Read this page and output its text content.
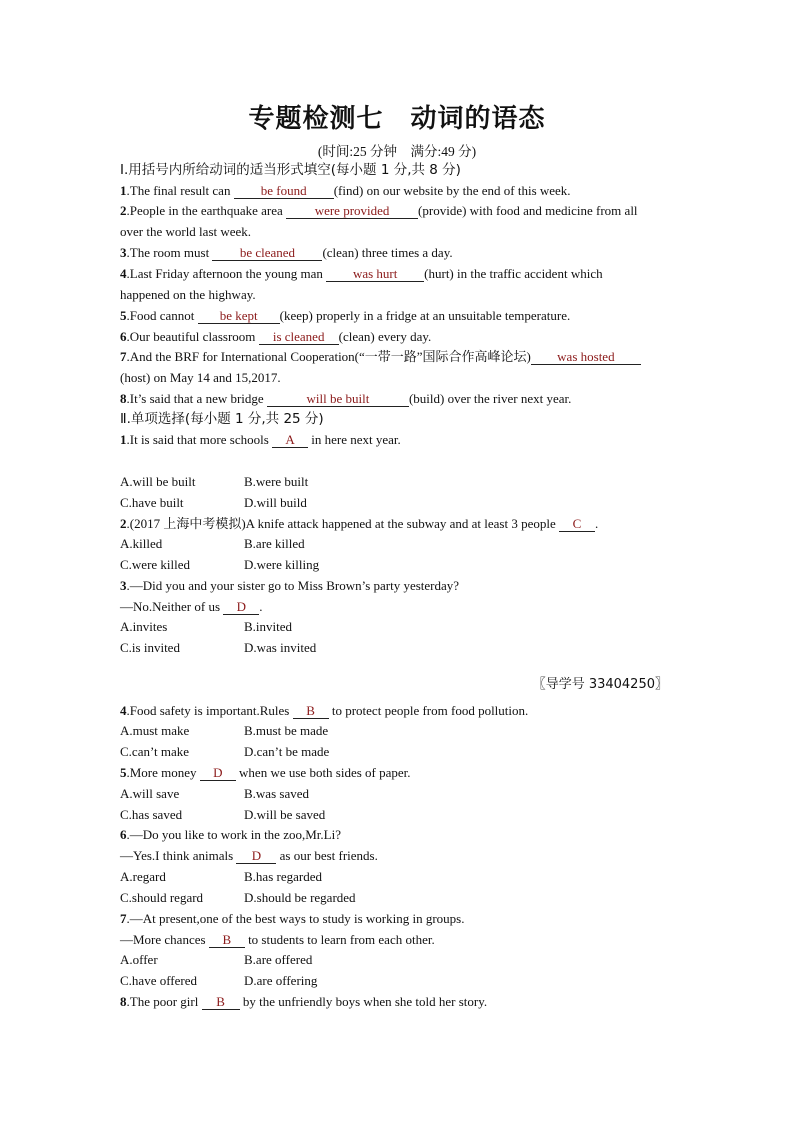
专题检测七　动词的语态
(时间:25 分钟　满分:49 分)
Ⅰ.用括号内所给动词的适当形式填空(每小题 1 分,共 8 分)
1.The final result can be found (find) on our website by the end of this week.
2.People in the earthquake area were provided (provide) with food and medicine from all
over the world last week.
3.The room must be cleaned (clean) three times a day.
4.Last Friday afternoon the young man was hurt (hurt) in the traffic accident which
happened on the highway.
5.Food cannot be kept (keep) properly in a fridge at an unsuitable temperature.
6.Our beautiful classroom is cleaned (clean) every day.
7.And the BRF for International Cooperation(“一带一路”国际合作高峰论坛) was hosted
(host) on May 14 and 15,2017.
8.It’s said that a new bridge	will be built	(build) over the river next year.
Ⅱ.单项选择(每小题 1 分,共 25 分)
1.It is said that more schools A in here next year.
A.will be built	B.were built
C.have built	D.will build
2.(2017 上海中考模拟)A knife attack happened at the subway and at least 3 people C .
A.killed	B.are killed
C.were killed	D.were killing
3.—Did you and your sister go to Miss Brown’s party yesterday?
—No.Neither of us D .
A.invites	B.invited
C.is invited	D.was invited
〖导学号 33404250〗
4.Food safety is important.Rules B to protect people from food pollution.
A.must make	B.must be made
C.can’t make	D.can’t be made
5.More money D when we use both sides of paper.
A.will save	B.was saved
C.has saved	D.will be saved
6.—Do you like to work in the zoo,Mr.Li?
—Yes.I think animals D as our best friends.
A.regard	B.has regarded
C.should regard	D.should be regarded
7.—At present,one of the best ways to study is working in groups.
—More chances B to students to learn from each other.
A.offer	B.are offered
C.have offered	D.are offering
8.The poor girl B by the unfriendly boys when she told her story.
